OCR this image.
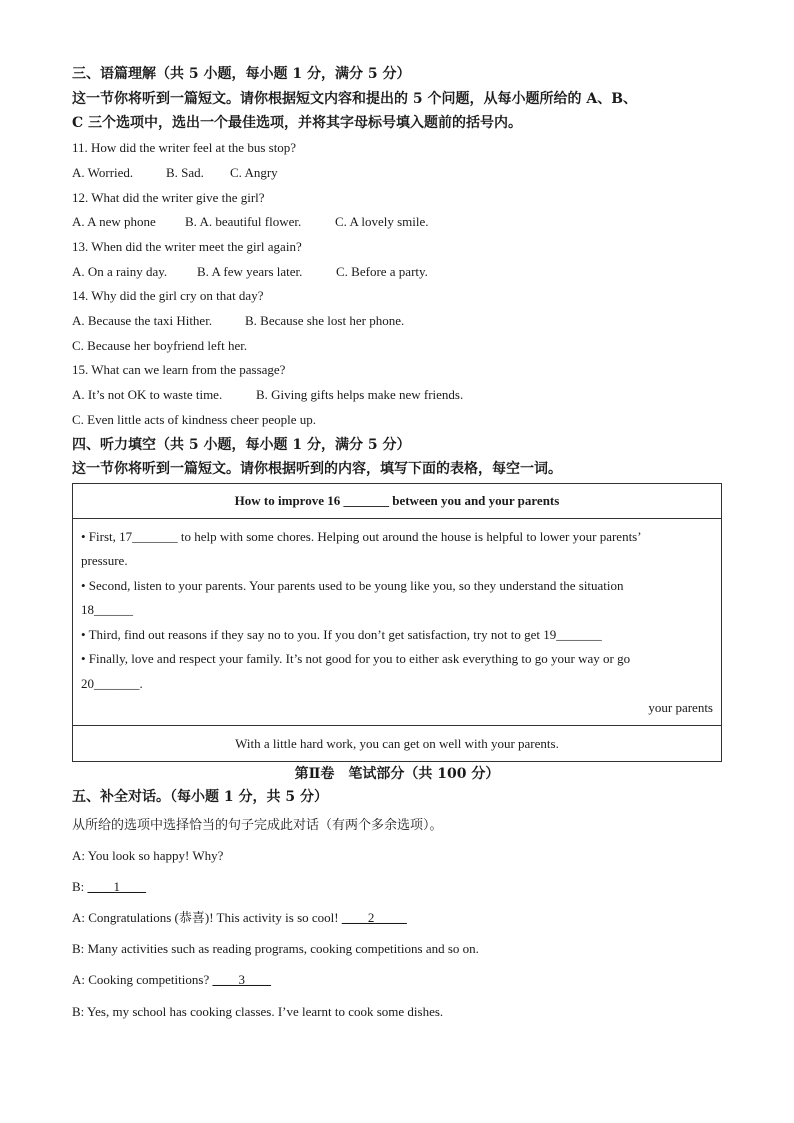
三、语篇理解（共 5 小题，每小题 1 分，满分 5 分）
这一节你将听到一篇短文。请你根据短文内容和提出的 5 个问题，从每小题所给的 A、B、
C 三个选项中，选出一个最佳选项，并将其字母标号填入题前的括号内。
11. How did the writer feel at the bus stop?
A. Worried.	B. Sad. C. Angry
12. What did the writer give the girl?
A. A new phone B. A. beautiful flower.	C. A lovely smile.
13. When did the writer meet the girl again?
A. On a rainy day. B. A few years later.	C. Before a party.
14. Why did the girl cry on that day?
A. Because the taxi Hither.	B. Because she lost her phone.
C. Because her boyfriend left her.
15. What can we learn from the passage?
A. It’s not OK to waste time.	B. Giving gifts helps make new friends.
C. Even little acts of kindness cheer people up.
四、听力填空（共 5 小题，每小题 1 分，满分 5 分）
这一节你将听到一篇短文。请你根据听到的内容，填写下面的表格，每空一词。
How to improve 16 _______ between you and your parents
• First, 17_______ to help with some chores. Helping out around the house is helpful to lower your parents’
pressure.
• Second, listen to your parents. Your parents used to be young like you, so they understand the situation
18______
• Third, find out reasons if they say no to you. If you don’t get satisfaction, try not to get 19_______
• Finally, love and respect your family. It’s not good for you to either ask everything to go your way or go
20_______.
your parents
With a little hard work, you can get on well with your parents.
第Ⅱ卷　笔试部分（共 100 分）
五、补全对话。（每小题 1 分，共 5 分）
从所给的选项中选择恰当的句子完成此对话（有两个多余选项）。
A: You look so happy! Why?
B: ____1____
A: Congratulations (恭喜)! This activity is so cool! ____2_____
B: Many activities such as reading programs, cooking competitions and so on.
A: Cooking competitions? ____3____
B: Yes, my school has cooking classes. I’ve learnt to cook some dishes.
